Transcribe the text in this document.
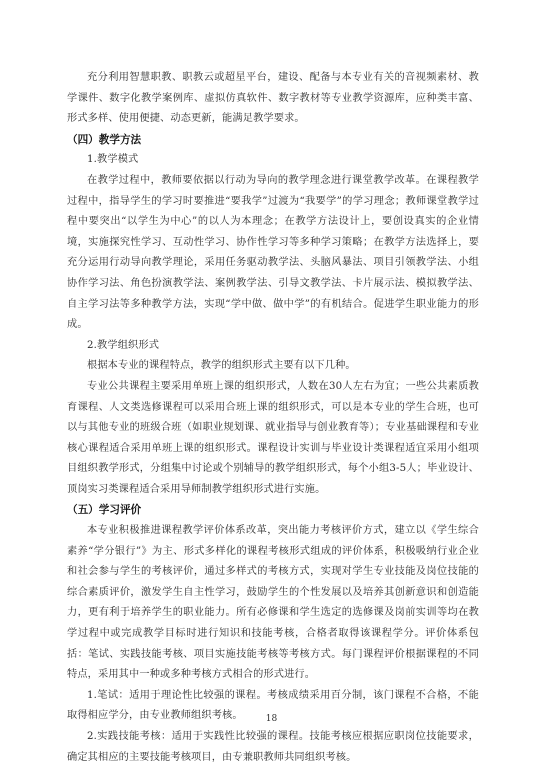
充分利用智慧职教、职教云或超星平台，建设、配备与本专业有关的音视频素材、教学课件、数字化教学案例库、虚拟仿真软件、数字教材等专业教学资源库，应种类丰富、形式多样、使用便捷、动态更新，能满足教学要求。

（四）教学方法

1.教学模式

在教学过程中，教师要依据以行动为导向的教学理念进行课堂教学改革。在课程教学过程中，指导学生的学习时要推进“要我学”过渡为“我要学”的学习理念；教师课堂教学过程中要突出“以学生为中心”的以人为本理念；在教学方法设计上，要创设真实的企业情境，实施探究性学习、互动性学习、协作性学习等多种学习策略；在教学方法选择上，要充分运用行动导向教学理论，采用任务驱动教学法、头脑风暴法、项目引领教学法、小组协作学习法、角色扮演教学法、案例教学法、引导文教学法、卡片展示法、模拟教学法、自主学习法等多种教学方法，实现“学中做、做中学”的有机结合。促进学生职业能力的形成。

2.教学组织形式

根据本专业的课程特点，教学的组织形式主要有以下几种。

专业公共课程主要采用单班上课的组织形式，人数在30人左右为宜；一些公共素质教育课程、人文类选修课程可以采用合班上课的组织形式，可以是本专业的学生合班，也可以与其他专业的班级合班（如职业规划课、就业指导与创业教育等）；专业基础课程和专业核心课程适合采用单班上课的组织形式。课程设计实训与毕业设计类课程适宜采用小组项目组织教学形式，分组集中讨论或个别辅导的教学组织形式，每个小组3-5人；毕业设计、顶岗实习类课程适合采用导师制教学组织形式进行实施。

（五）学习评价

本专业积极推进课程教学评价体系改革，突出能力考核评价方式，建立以《学生综合素养“学分银行”》为主、形式多样化的课程考核形式组成的评价体系，积极吸纳行业企业和社会参与学生的考核评价，通过多样式的考核方式，实现对学生专业技能及岗位技能的综合素质评价，激发学生自主性学习，鼓励学生的个性发展以及培养其创新意识和创造能力，更有利于培养学生的职业能力。所有必修课和学生选定的选修课及岗前实训等均在教学过程中或完成教学目标时进行知识和技能考核，合格者取得该课程学分。评价体系包括：笔试、实践技能考核、项目实施技能考核等考核方式。每门课程评价根据课程的不同特点，采用其中一种或多种考核方式相合的形式进行。

1.笔试：适用于理论性比较强的课程。考核成绩采用百分制，该门课程不合格，不能取得相应学分，由专业教师组织考核。

2.实践技能考核：适用于实践性比较强的课程。技能考核应根据应职岗位技能要求，确定其相应的主要技能考核项目，由专兼职教师共同组织考核。

18
